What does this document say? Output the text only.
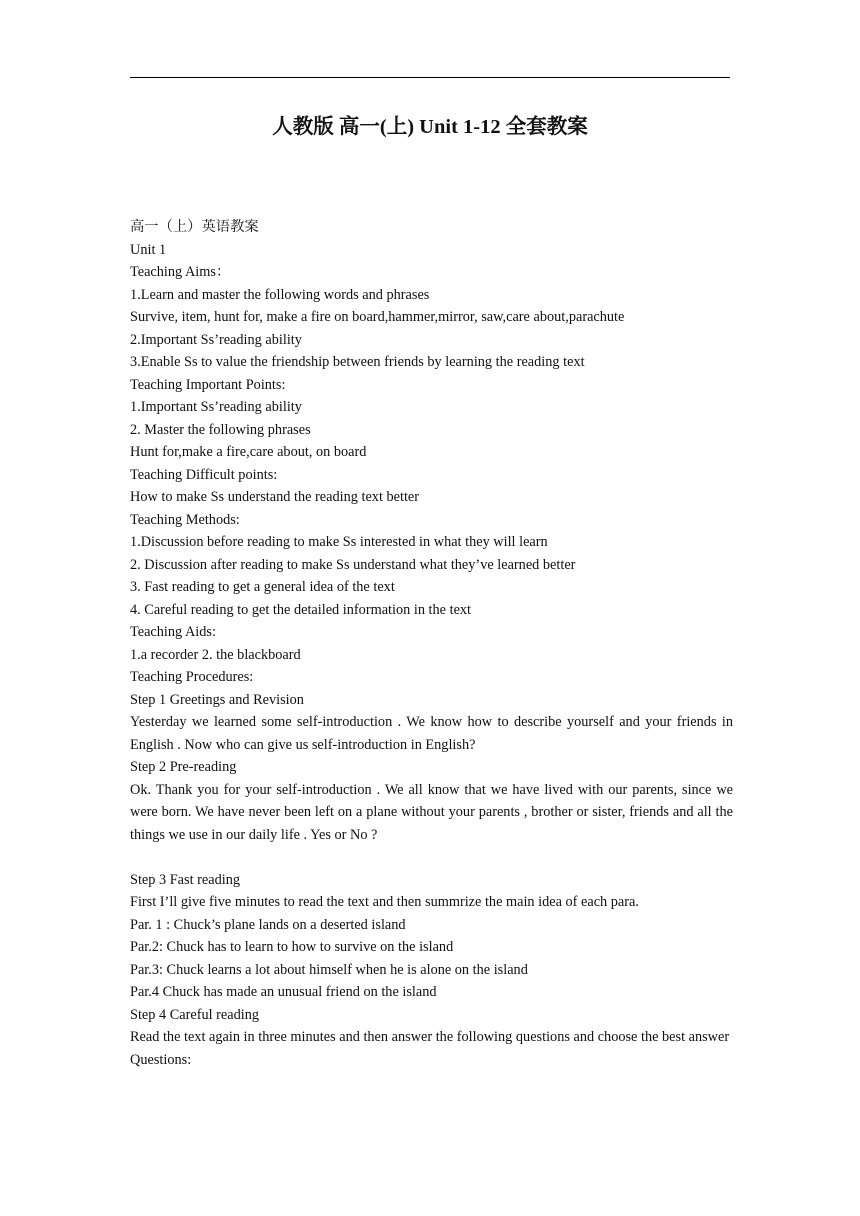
人教版 高一(上) Unit 1-12 全套教案

高一（上）英语教案

Unit 1

Teaching Aims：

1.Learn and master the following words and phrases

Survive, item, hunt for, make a fire on board,hammer,mirror, saw,care about,parachute

2.Important Ss’reading ability

3.Enable Ss to value the friendship between friends by learning the reading text

Teaching Important Points:

1.Important Ss’reading ability

2. Master the following phrases

Hunt for,make a fire,care about, on board

Teaching Difficult points:

How to make Ss understand the reading text better

Teaching Methods:

1.Discussion before reading to make Ss interested in what they will learn

2. Discussion after reading to make Ss understand what they’ve learned better

3. Fast reading to get a general idea of the text

4. Careful reading to get the detailed information in the text

Teaching Aids:

1.a recorder 2. the blackboard

Teaching Procedures:

Step 1 Greetings and Revision

Yesterday we learned some self-introduction . We know how to describe yourself and your friends in English . Now who can give us self-introduction in English?

Step 2 Pre-reading

Ok. Thank you for your self-introduction . We all know that we have lived with our parents, since we were born. We have never been left on a plane without your parents , brother or sister, friends and all the things we use in our daily life . Yes or No ?

Step 3 Fast reading

First I’ll give five minutes to read the text and then summrize the main idea of each para.

Par. 1 : Chuck’s plane lands on a deserted island

Par.2: Chuck has to learn to how to survive on the island

Par.3: Chuck learns a lot about himself when he is alone on the island

Par.4 Chuck has made an unusual friend on the island

Step 4 Careful reading

Read the text again in three minutes and then answer the following questions and choose the best answer

Questions:
